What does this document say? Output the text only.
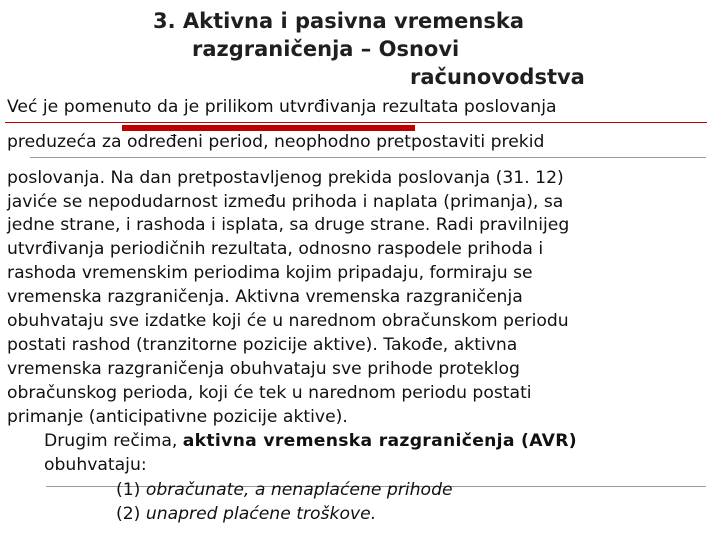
3. Aktivna i pasivna vremenska
razgraničenja – Osnovi
računovodstva
Već je pomenuto da je prilikom utvrđivanja rezultata poslovanja
preduzeća za određeni period, neophodno pretpostaviti prekid
poslovanja. Na dan pretpostavljenog prekida poslovanja (31. 12)
javiće se nepodudarnost između prihoda i naplata (primanja), sa
jedne strane, i rashoda i isplata, sa druge strane. Radi pravilnijeg
utvrđivanja periodičnih rezultata, odnosno raspodele prihoda i
rashoda vremenskim periodima kojim pripadaju, formiraju se
vremenska razgraničenja. Aktivna vremenska razgraničenja
obuhvataju sve izdatke koji će u narednom obračunskom periodu
postati rashod (tranzitorne pozicije aktive). Takođe, aktivna
vremenska razgraničenja obuhvataju sve prihode proteklog
obračunskog perioda, koji će tek u narednom periodu postati
primanje (anticipativne pozicije aktive).
Drugim rečima, aktivna vremenska razgraničenja (AVR)
obuhvataju:
(1) obračunate, a nenaplaćene prihode
(2) unapred plaćene troškove.
